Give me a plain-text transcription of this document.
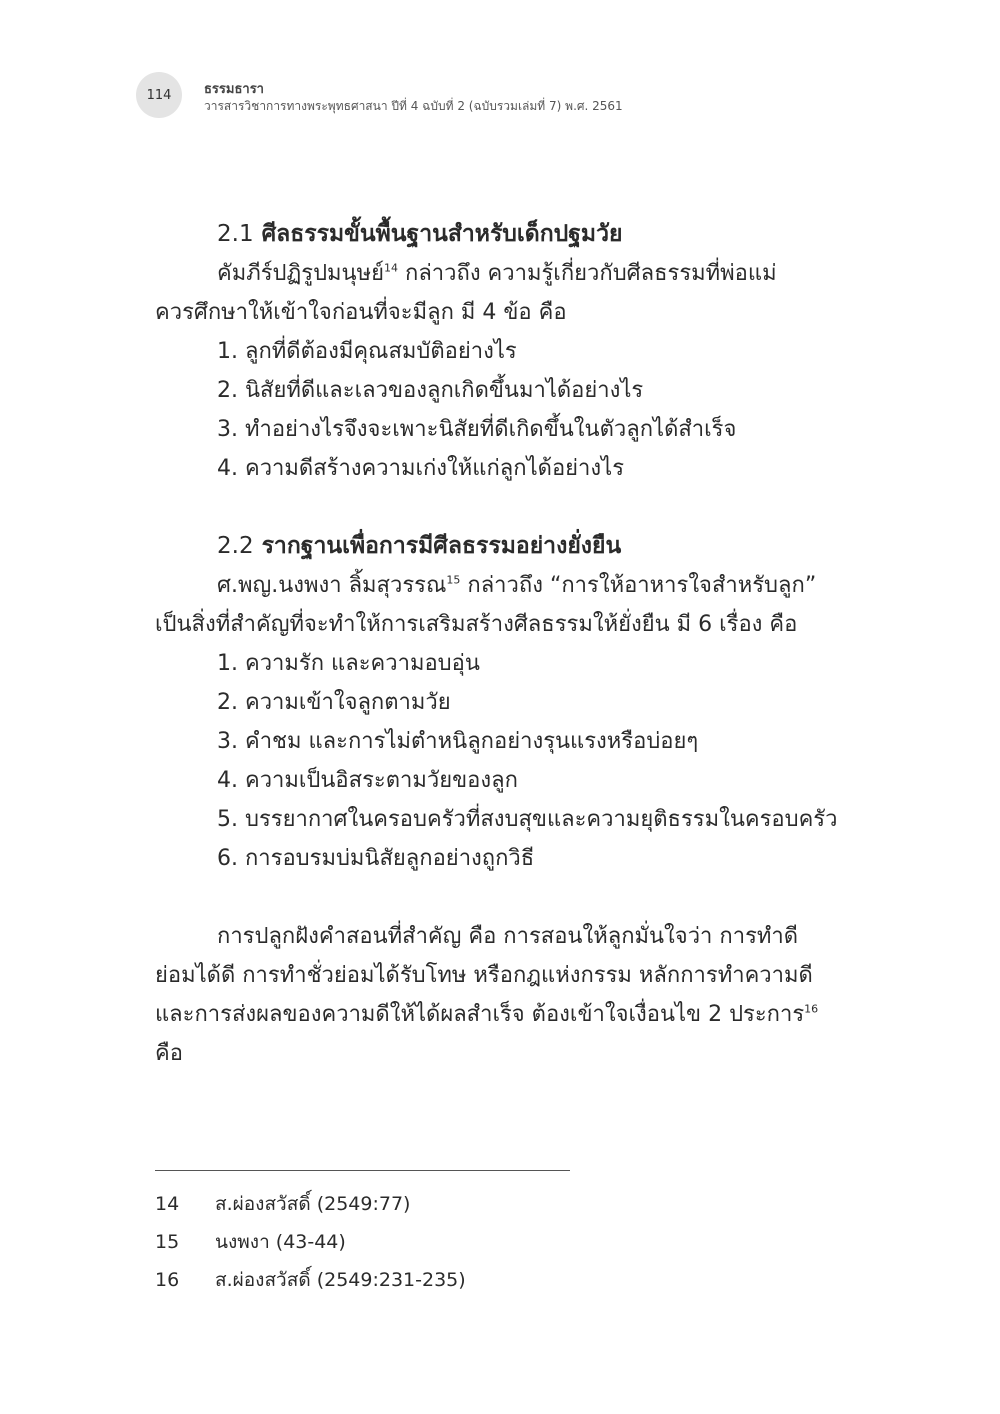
114	ธรรมธารา
วารสารวิชาการทางพระพุทธศาสนา ปีที่ 4 ฉบับที่ 2 (ฉบับรวมเล่มที่ 7) พ.ศ. 2561
2.1 ศีลธรรมขั้นพื้นฐานสำหรับเด็กปฐมวัย
คัมภีร์ปฏิรูปมนุษย์$^{14}$ กล่าวถึง ความรู้เกี่ยวกับศีลธรรมที่พ่อแม่
ควรศึกษาให้เข้าใจก่อนที่จะมีลูก มี 4 ข้อ คือ
1. ลูกที่ดีต้องมีคุณสมบัติอย่างไร
2. นิสัยที่ดีและเลวของลูกเกิดขึ้นมาได้อย่างไร
3. ทำอย่างไรจึงจะเพาะนิสัยที่ดีเกิดขึ้นในตัวลูกได้สำเร็จ
4. ความดีสร้างความเก่งให้แก่ลูกได้อย่างไร
2.2 รากฐานเพื่อการมีศีลธรรมอย่างยั่งยืน
ศ.พญ.นงพงา ลิ้มสุวรรณ$^{15}$ กล่าวถึง “การให้อาหารใจสำหรับลูก”
เป็นสิ่งที่สำคัญที่จะทำให้การเสริมสร้างศีลธรรมให้ยั่งยืน มี 6 เรื่อง คือ
1. ความรัก และความอบอุ่น
2. ความเข้าใจลูกตามวัย
3. คำชม และการไม่ตำหนิลูกอย่างรุนแรงหรือบ่อยๆ
4. ความเป็นอิสระตามวัยของลูก
5. บรรยากาศในครอบครัวที่สงบสุขและความยุติธรรมในครอบครัว
6. การอบรมบ่มนิสัยลูกอย่างถูกวิธี
การปลูกฝังคำสอนที่สำคัญ คือ การสอนให้ลูกมั่นใจว่า การทำดี
ย่อมได้ดี การทำชั่วย่อมได้รับโทษ หรือกฎแห่งกรรม หลักการทำความดี
และการส่งผลของความดีให้ได้ผลสำเร็จ ต้องเข้าใจเงื่อนไข 2 ประการ$^{16}$
คือ
14 ส.ผ่องสวัสดิ์ (2549:77)
15 นงพงา (43-44)
16 ส.ผ่องสวัสดิ์ (2549:231-235)
